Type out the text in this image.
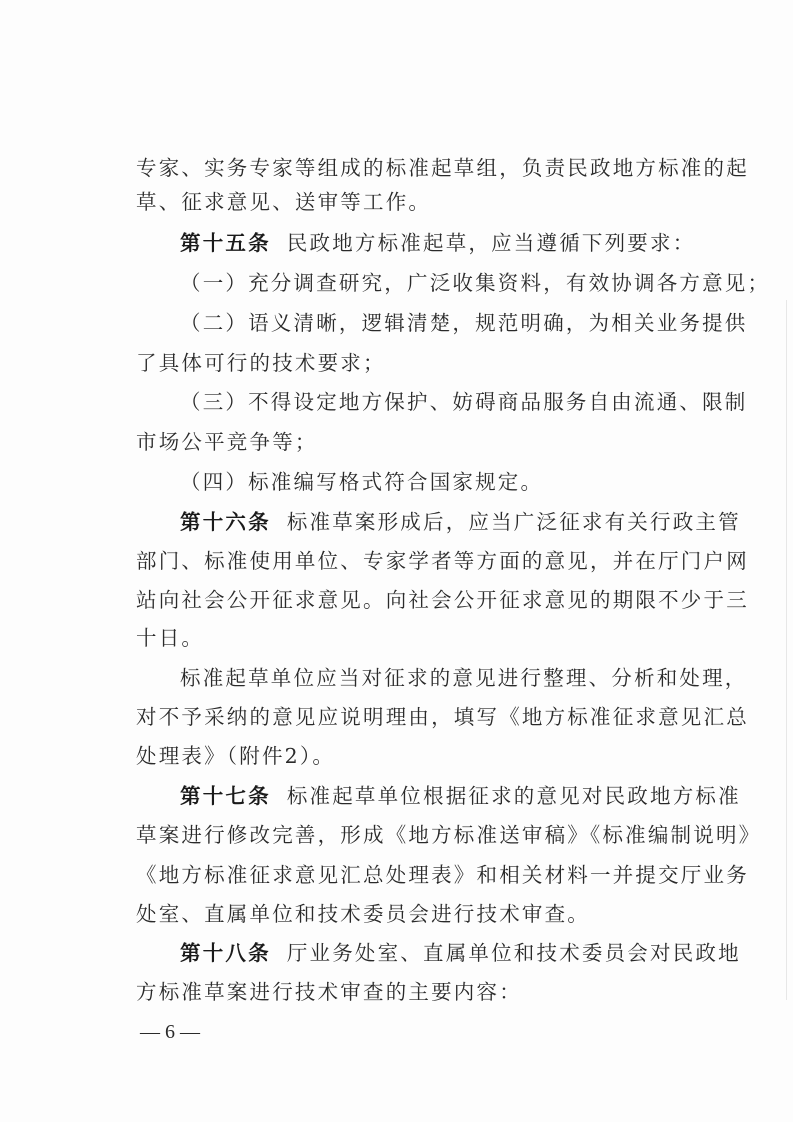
专家、实务专家等组成的标准起草组，负责民政地方标准的起
草、征求意见、送审等工作。
第十五条 民政地方标准起草，应当遵循下列要求：
（一）充分调查研究，广泛收集资料，有效协调各方意见；
（二）语义清晰，逻辑清楚，规范明确，为相关业务提供
了具体可行的技术要求；
（三）不得设定地方保护、妨碍商品服务自由流通、限制
市场公平竞争等；
（四）标准编写格式符合国家规定。
第十六条 标准草案形成后，应当广泛征求有关行政主管
部门、标准使用单位、专家学者等方面的意见，并在厅门户网
站向社会公开征求意见。向社会公开征求意见的期限不少于三
十日。
标准起草单位应当对征求的意见进行整理、分析和处理，
对不予采纳的意见应说明理由，填写《地方标准征求意见汇总
处理表》（附件2）。
第十七条 标准起草单位根据征求的意见对民政地方标准
草案进行修改完善，形成《地方标准送审稿》《标准编制说明》
《地方标准征求意见汇总处理表》和相关材料一并提交厅业务
处室、直属单位和技术委员会进行技术审查。
第十八条 厅业务处室、直属单位和技术委员会对民政地
方标准草案进行技术审查的主要内容：
— 6 —
